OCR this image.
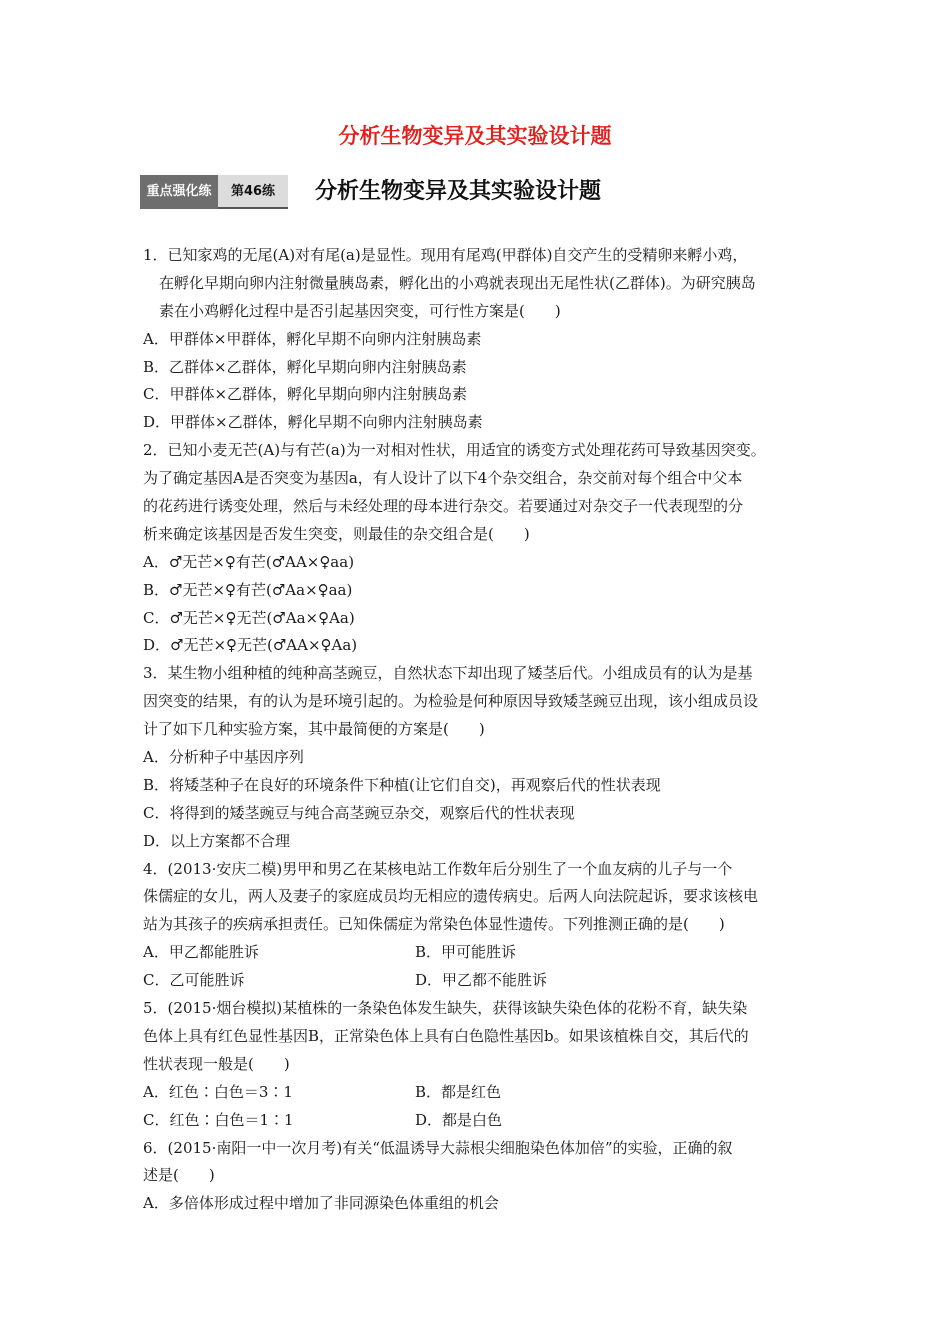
分析生物变异及其实验设计题
重点强化练	第46练	分析生物变异及其实验设计题
1．已知家鸡的无尾(A)对有尾(a)是显性。现用有尾鸡(甲群体)自交产生的受精卵来孵小鸡，
在孵化早期向卵内注射微量胰岛素，孵化出的小鸡就表现出无尾性状(乙群体)。为研究胰岛
素在小鸡孵化过程中是否引起基因突变，可行性方案是(　　)
A．甲群体×甲群体，孵化早期不向卵内注射胰岛素
B．乙群体×乙群体，孵化早期向卵内注射胰岛素
C．甲群体×乙群体，孵化早期向卵内注射胰岛素
D．甲群体×乙群体，孵化早期不向卵内注射胰岛素
2．已知小麦无芒(A)与有芒(a)为一对相对性状，用适宜的诱变方式处理花药可导致基因突变。
为了确定基因A是否突变为基因a，有人设计了以下4个杂交组合，杂交前对每个组合中父本
的花药进行诱变处理，然后与未经处理的母本进行杂交。若要通过对杂交子一代表现型的分
析来确定该基因是否发生突变，则最佳的杂交组合是(　　)
A．♂无芒×♀有芒(♂AA×♀aa)
B．♂无芒×♀有芒(♂Aa×♀aa)
C．♂无芒×♀无芒(♂Aa×♀Aa)
D．♂无芒×♀无芒(♂AA×♀Aa)
3．某生物小组种植的纯种高茎豌豆，自然状态下却出现了矮茎后代。小组成员有的认为是基
因突变的结果，有的认为是环境引起的。为检验是何种原因导致矮茎豌豆出现，该小组成员设
计了如下几种实验方案，其中最简便的方案是(　　)
A．分析种子中基因序列
B．将矮茎种子在良好的环境条件下种植(让它们自交)，再观察后代的性状表现
C．将得到的矮茎豌豆与纯合高茎豌豆杂交，观察后代的性状表现
D．以上方案都不合理
4．(2013·安庆二模)男甲和男乙在某核电站工作数年后分别生了一个血友病的儿子与一个
侏儒症的女儿，两人及妻子的家庭成员均无相应的遗传病史。后两人向法院起诉，要求该核电
站为其孩子的疾病承担责任。已知侏儒症为常染色体显性遗传。下列推测正确的是(　　)
A．甲乙都能胜诉	B．甲可能胜诉
C．乙可能胜诉	D．甲乙都不能胜诉
5．(2015·烟台模拟)某植株的一条染色体发生缺失，获得该缺失染色体的花粉不育，缺失染
色体上具有红色显性基因B，正常染色体上具有白色隐性基因b。如果该植株自交，其后代的
性状表现一般是(　　)
A．红色∶白色＝3∶1	B．都是红色
C．红色∶白色＝1∶1	D．都是白色
6．(2015·南阳一中一次月考)有关“低温诱导大蒜根尖细胞染色体加倍”的实验，正确的叙
述是(　　)
A．多倍体形成过程中增加了非同源染色体重组的机会
